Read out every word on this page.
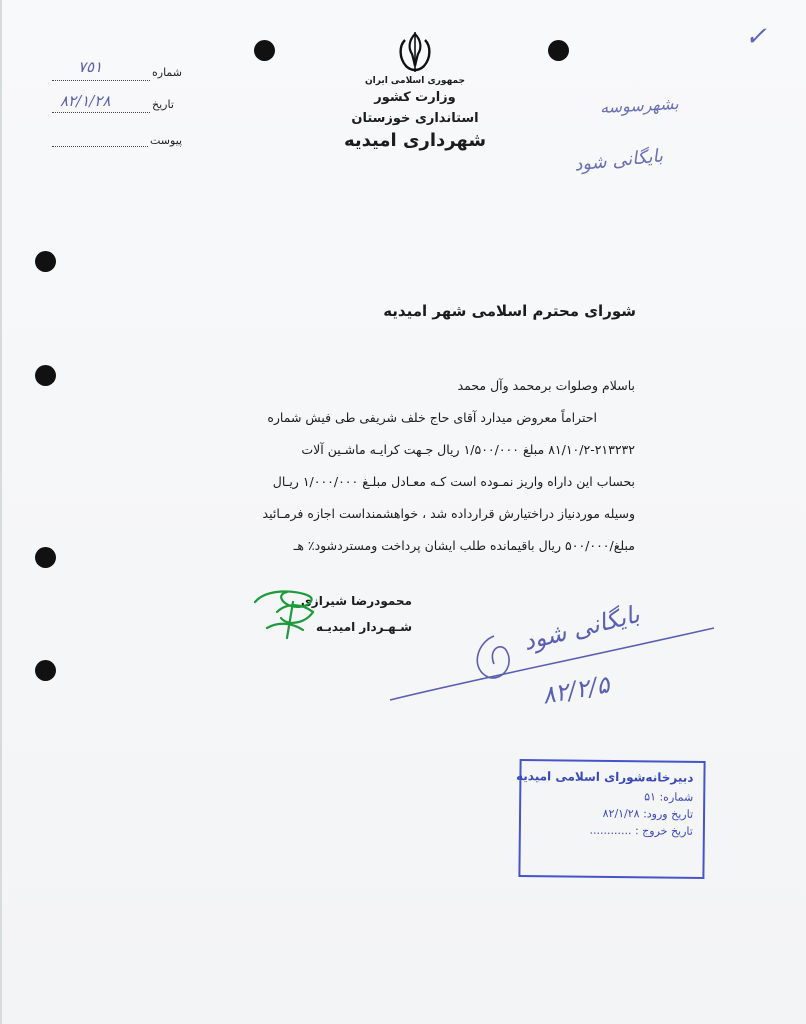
✓
شماره
٧٥١
تاریخ
٨٢/١/٢٨
پیوست
جمهوری اسلامی ایران
وزارت کشور
استانداری خوزستان
شهرداری امیدیه
بشهرسوسه
بایگانی شود
شورای محترم اسلامی شهر امیدیه

باسلام وصلوات برمحمد وآل محمد

احتراماً معروض میدارد آقای حاج خلف شریفی طی فیش شماره

۸۱/۱۰/۲-۲۱۳۲۳۲ مبلغ ۱/۵۰۰/۰۰۰ ریال جـهت کرایـه ماشـین آلات

بحساب این داراه واریز نمـوده است کـه معـادل مبلـغ ۱/۰۰۰/۰۰۰ ریـال

وسیله موردنیاز دراختیارش قرارداده شد ، خواهشمنداست اجازه فرمـائید

مبلغ/۵۰۰/۰۰۰ ریال باقیمانده طلب ایشان پرداخت ومستردشود٪ هـ

محمودرضا شیرازی
شـهـردار امیدیـه	بایگانی شود
۸۲/۲/۵
دبیرخانه‌شورای اسلامی امیدیه
شماره: ۵۱
تاریخ ورود: ۸۲/۱/۲۸
تاریخ خروج : ............
